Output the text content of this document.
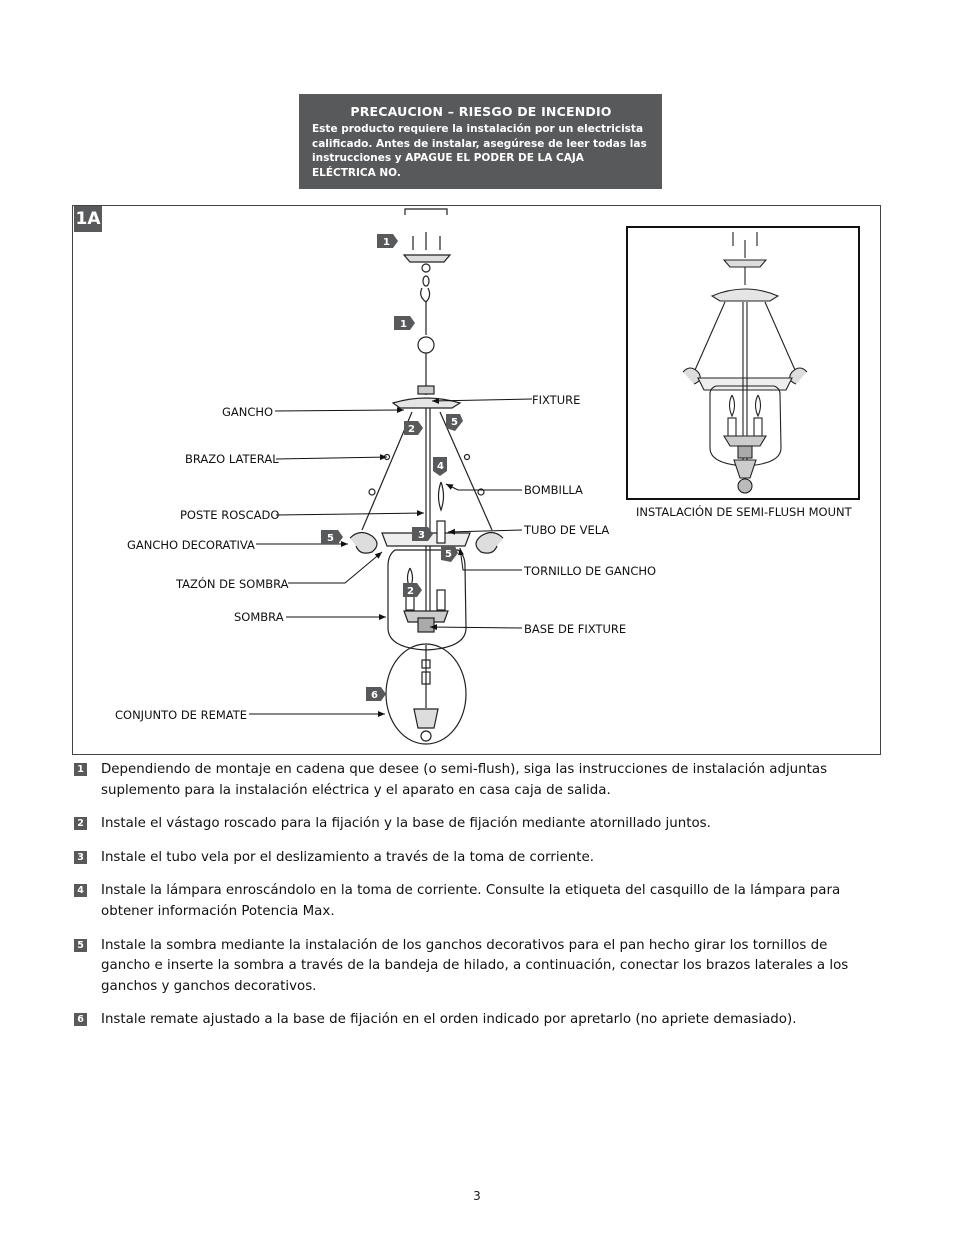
PRECAUCION – RIESGO DE INCENDIO
Este producto requiere la instalación por un electricista calificado. Antes de instalar, asegúrese de leer todas las instrucciones y APAGUE EL PODER DE LA CAJA ELÉCTRICA NO.
1A
1
1
2
5
4
3
5
5
2
6
GANCHO
BRAZO LATERAL
POSTE ROSCADO
GANCHO DECORATIVA
TAZÓN DE SOMBRA
SOMBRA
CONJUNTO DE REMATE
FIXTURE
BOMBILLA
TUBO DE VELA
TORNILLO DE GANCHO
BASE DE FIXTURE
INSTALACIÓN DE SEMI-FLUSH MOUNT
1 Dependiendo de montaje en cadena que desee (o semi-flush), siga las instrucciones de instalación adjuntas suplemento para la instalación eléctrica y el aparato en casa caja de salida.
2 Instale el vástago roscado para la fijación y la base de fijación mediante atornillado juntos.
3 Instale el tubo vela por el deslizamiento a través de la toma de corriente.
4 Instale la lámpara enroscándolo en la toma de corriente. Consulte la etiqueta del casquillo de la lámpara para obtener información Potencia Max.
5 Instale la sombra mediante la instalación de los ganchos decorativos para el pan hecho girar los tornillos de gancho e inserte la sombra a través de la bandeja de hilado, a continuación, conectar los brazos laterales a los ganchos y ganchos decorativos.
6 Instale remate ajustado a la base de fijación en el orden indicado por apretarlo (no apriete demasiado).
3
